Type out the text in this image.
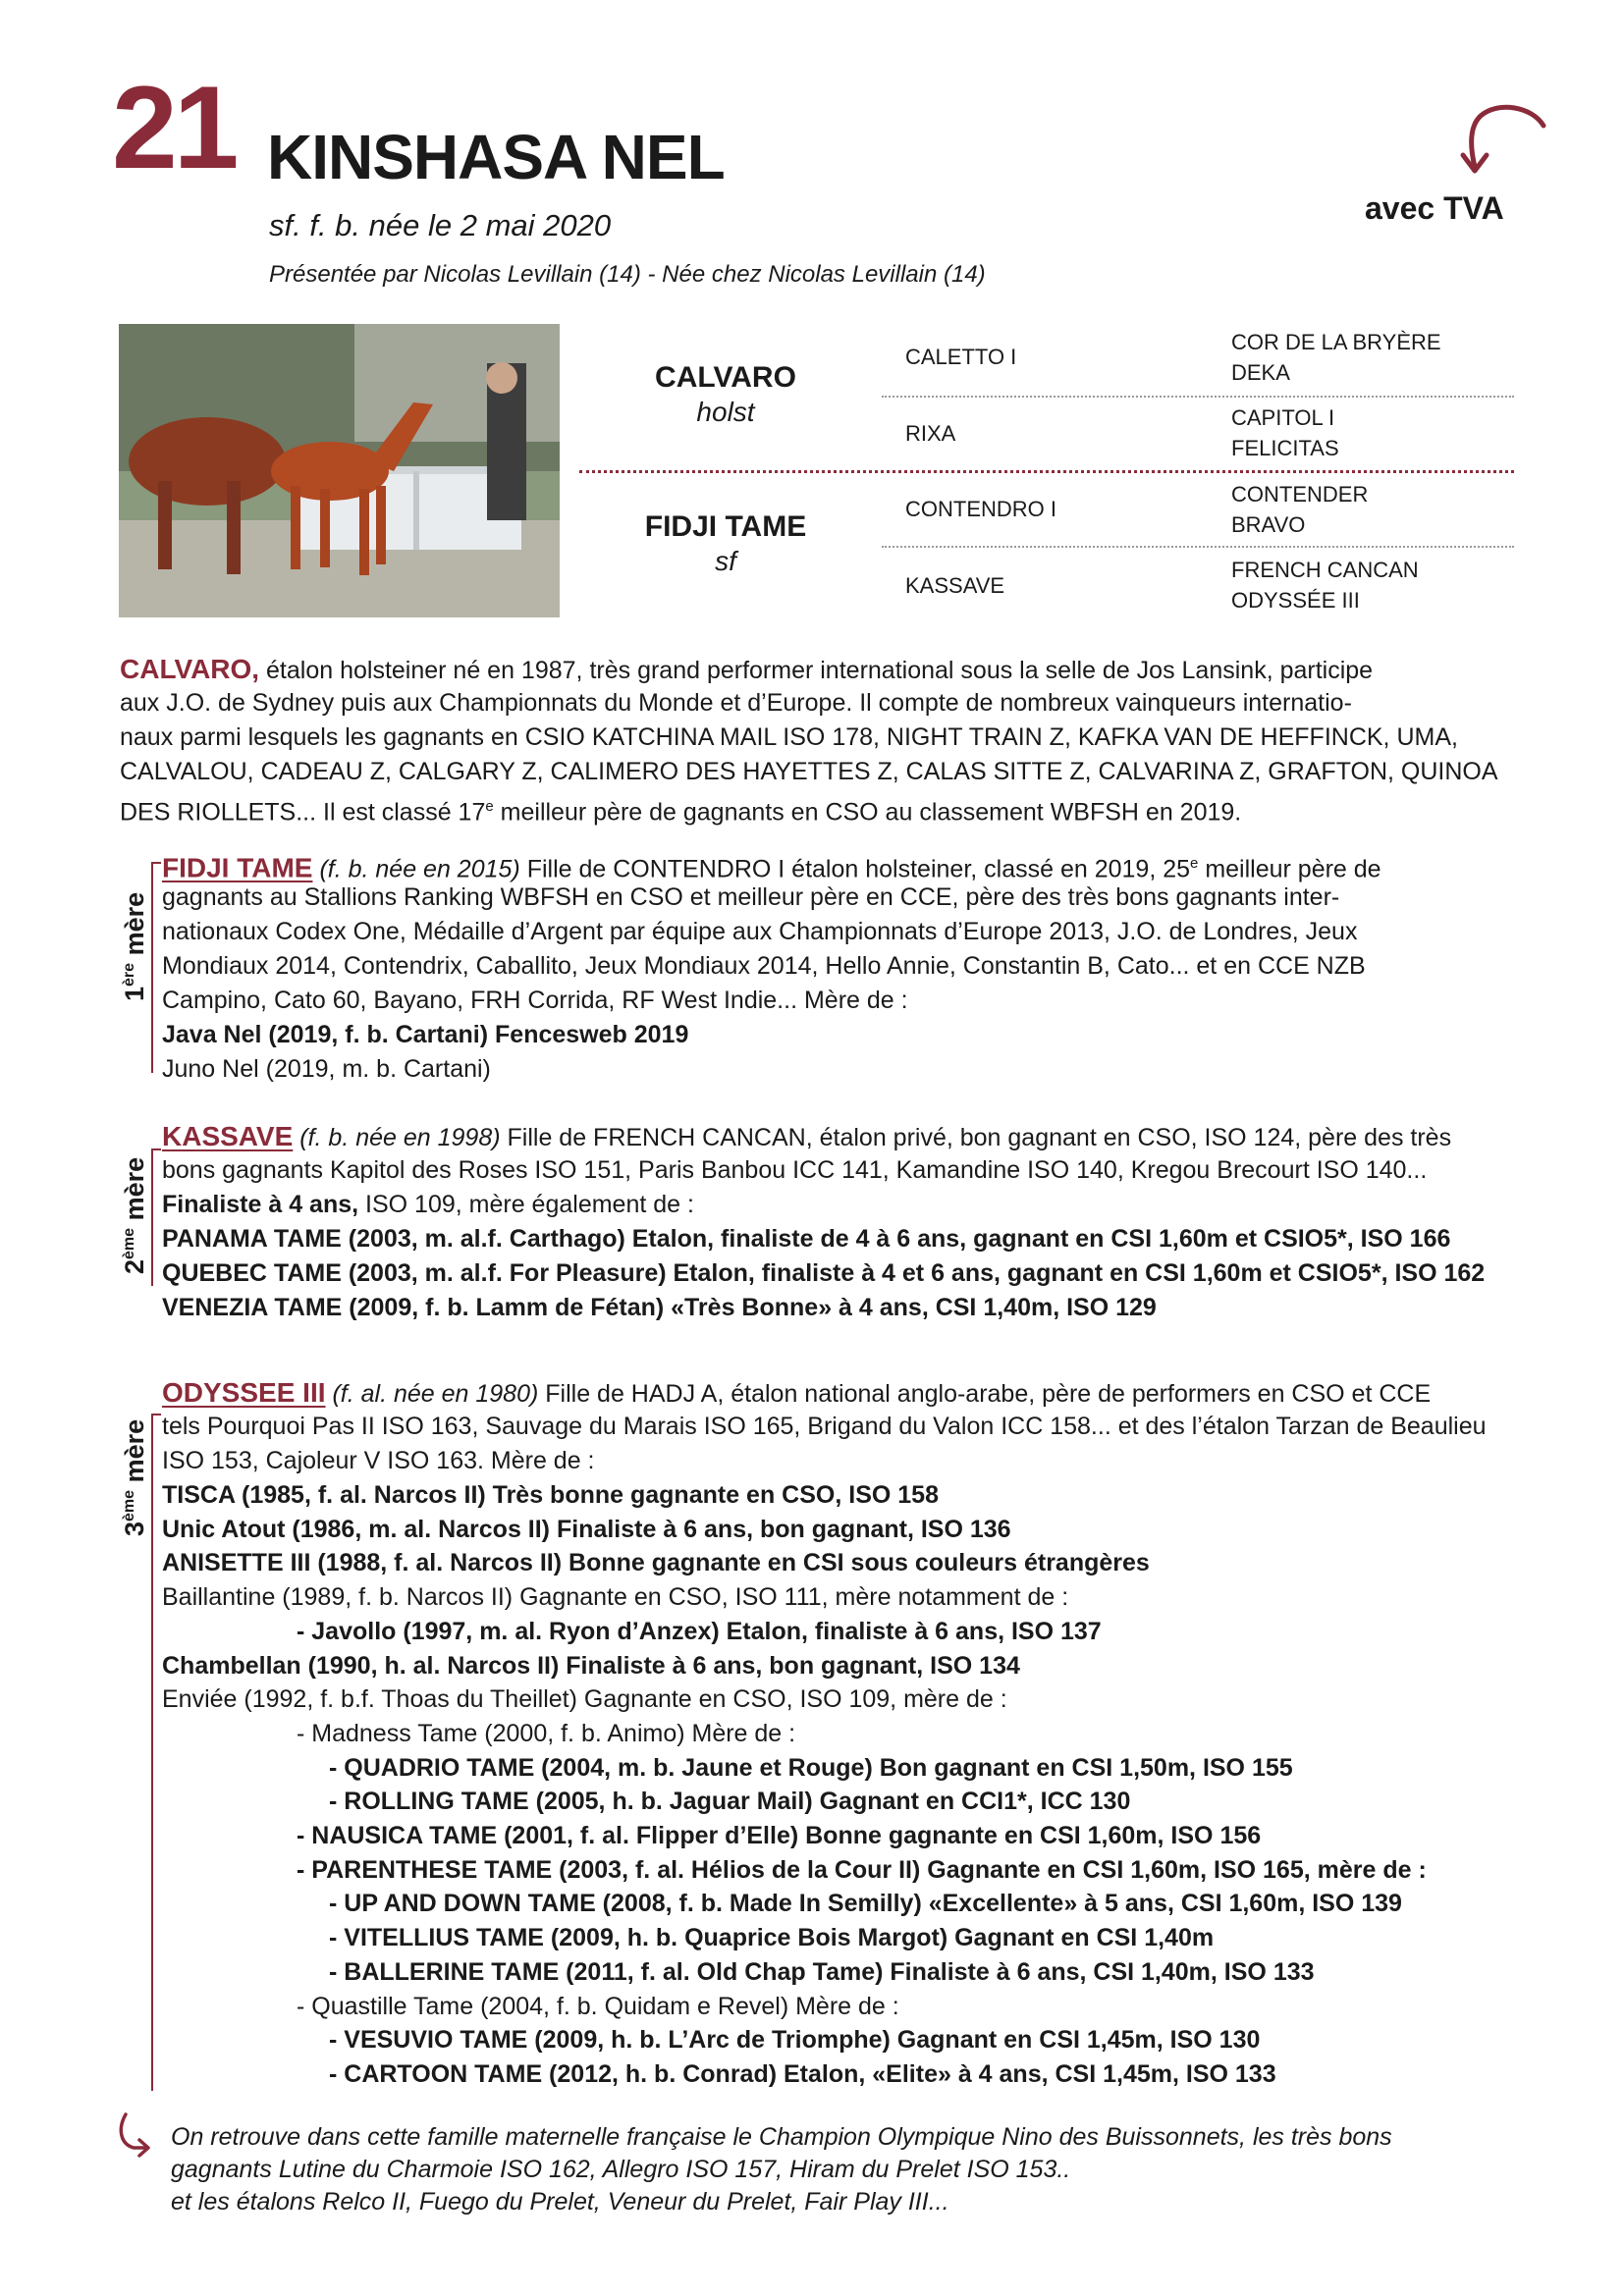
21 KINSHASA NEL
sf. f. b. née le 2 mai 2020
Présentée par Nicolas Levillain (14) - Née chez Nicolas Levillain (14)
avec TVA
CALVARO
holst
FIDJI TAME
sf
CALETTO I
RIXA
CONTENDRO I
KASSAVE
COR DE LA BRYÈRE
DEKA
CAPITOL I
FELICITAS
CONTENDER
BRAVO
FRENCH CANCAN
ODYSSÉE III
CALVARO, étalon holsteiner né en 1987, très grand performer international sous la selle de Jos Lansink, participe
aux J.O. de Sydney puis aux Championnats du Monde et d’Europe. Il compte de nombreux vainqueurs internatio-
naux parmi lesquels les gagnants en CSIO KATCHINA MAIL ISO 178, NIGHT TRAIN Z, KAFKA VAN DE HEFFINCK, UMA,
CALVALOU, CADEAU Z, CALGARY Z, CALIMERO DES HAYETTES Z, CALAS SITTE Z, CALVARINA Z, GRAFTON, QUINOA
DES RIOLLETS... Il est classé 17e meilleur père de gagnants en CSO au classement WBFSH en 2019.
1ère mère
FIDJI TAME (f. b. née en 2015) Fille de CONTENDRO I étalon holsteiner, classé en 2019, 25e meilleur père de
gagnants au Stallions Ranking WBFSH en CSO et meilleur père en CCE, père des très bons gagnants inter-
nationaux Codex One, Médaille d’Argent par équipe aux Championnats d’Europe 2013, J.O. de Londres, Jeux
Mondiaux 2014, Contendrix, Caballito, Jeux Mondiaux 2014, Hello Annie, Constantin B, Cato... et en CCE NZB
Campino, Cato 60, Bayano, FRH Corrida, RF West Indie... Mère de :
Java Nel (2019, f. b. Cartani) Fencesweb 2019
Juno Nel (2019, m. b. Cartani)
2ème mère
KASSAVE (f. b. née en 1998) Fille de FRENCH CANCAN, étalon privé, bon gagnant en CSO, ISO 124, père des très
bons gagnants Kapitol des Roses ISO 151, Paris Banbou ICC 141, Kamandine ISO 140, Kregou Brecourt ISO 140...
Finaliste à 4 ans, ISO 109, mère également de :
PANAMA TAME (2003, m. al.f. Carthago) Etalon, finaliste de 4 à 6 ans, gagnant en CSI 1,60m et CSIO5*, ISO 166
QUEBEC TAME (2003, m. al.f. For Pleasure) Etalon, finaliste à 4 et 6 ans, gagnant en CSI 1,60m et CSIO5*, ISO 162
VENEZIA TAME (2009, f. b. Lamm de Fétan) «Très Bonne» à 4 ans, CSI 1,40m, ISO 129
3ème mère
ODYSSEE III (f. al. née en 1980) Fille de HADJ A, étalon national anglo-arabe, père de performers en CSO et CCE
tels Pourquoi Pas II ISO 163, Sauvage du Marais ISO 165, Brigand du Valon ICC 158... et des l’étalon Tarzan de Beaulieu
ISO 153, Cajoleur V ISO 163. Mère de :
TISCA (1985, f. al. Narcos II) Très bonne gagnante en CSO, ISO 158
Unic Atout (1986, m. al. Narcos II) Finaliste à 6 ans, bon gagnant, ISO 136
ANISETTE III (1988, f. al. Narcos II) Bonne gagnante en CSI sous couleurs étrangères
Baillantine (1989, f. b. Narcos II) Gagnante en CSO, ISO 111, mère notamment de :
- Javollo (1997, m. al. Ryon d’Anzex) Etalon, finaliste à 6 ans, ISO 137
Chambellan (1990, h. al. Narcos II) Finaliste à 6 ans, bon gagnant, ISO 134
Enviée (1992, f. b.f. Thoas du Theillet) Gagnante en CSO, ISO 109, mère de :
- Madness Tame (2000, f. b. Animo) Mère de :
- QUADRIO TAME (2004, m. b. Jaune et Rouge) Bon gagnant en CSI 1,50m, ISO 155
- ROLLING TAME (2005, h. b. Jaguar Mail) Gagnant en CCI1*, ICC 130
- NAUSICA TAME (2001, f. al. Flipper d’Elle) Bonne gagnante en CSI 1,60m, ISO 156
- PARENTHESE TAME (2003, f. al. Hélios de la Cour II) Gagnante en CSI 1,60m, ISO 165, mère de :
- UP AND DOWN TAME (2008, f. b. Made In Semilly) «Excellente» à 5 ans, CSI 1,60m, ISO 139
- VITELLIUS TAME (2009, h. b. Quaprice Bois Margot) Gagnant en CSI 1,40m
- BALLERINE TAME (2011, f. al. Old Chap Tame) Finaliste à 6 ans, CSI 1,40m, ISO 133
- Quastille Tame (2004, f. b. Quidam e Revel) Mère de :
- VESUVIO TAME (2009, h. b. L’Arc de Triomphe) Gagnant en CSI 1,45m, ISO 130
- CARTOON TAME (2012, h. b. Conrad) Etalon, «Elite» à 4 ans, CSI 1,45m, ISO 133
On retrouve dans cette famille maternelle française le Champion Olympique Nino des Buissonnets, les très bons
gagnants Lutine du Charmoie ISO 162, Allegro ISO 157, Hiram du Prelet ISO 153..
et les étalons Relco II, Fuego du Prelet, Veneur du Prelet, Fair Play III...
